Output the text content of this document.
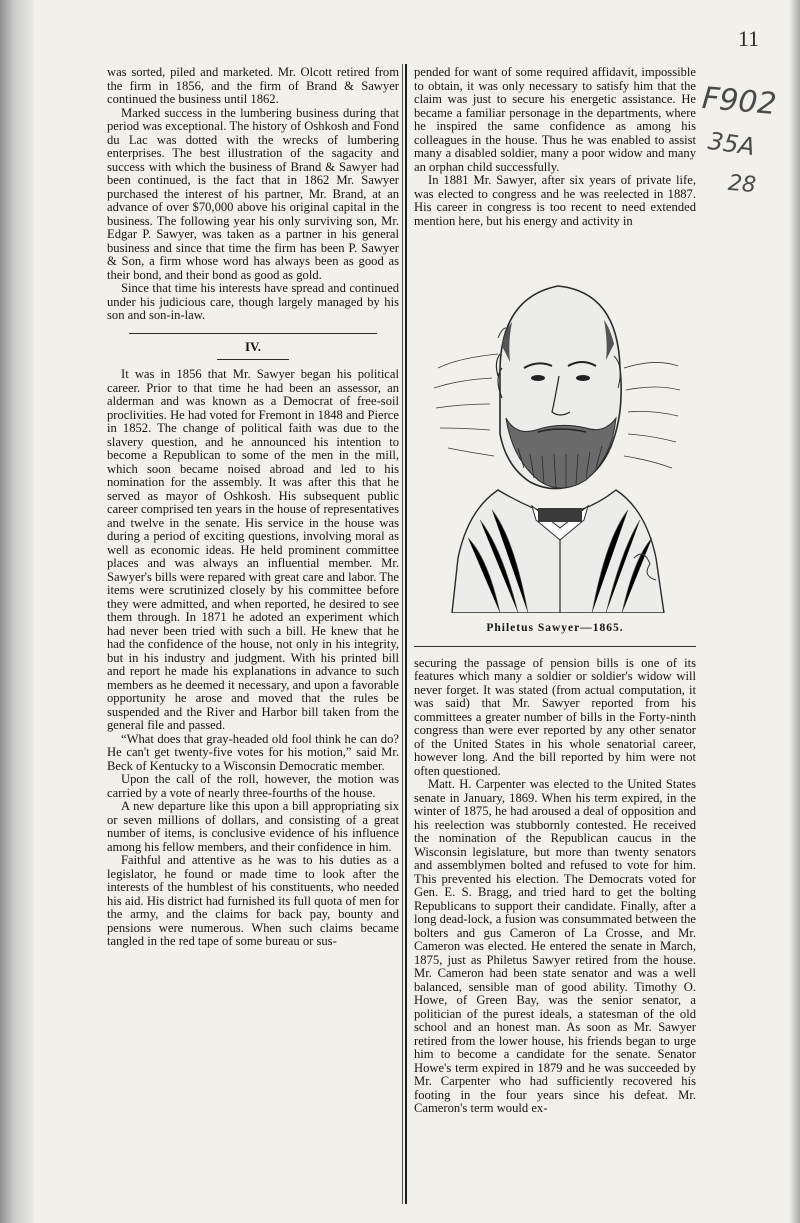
11
F902
35A
28

was sorted, piled and marketed. Mr. Olcott retired from the firm in 1856, and the firm of Brand & Sawyer continued the business until 1862.

Marked success in the lumbering business during that period was exceptional. The history of Oshkosh and Fond du Lac was dotted with the wrecks of lumbering enterprises. The best illustration of the sagacity and success with which the business of Brand & Sawyer had been continued, is the fact that in 1862 Mr. Sawyer purchased the interest of his partner, Mr. Brand, at an advance of over $70,000 above his original capital in the business. The following year his only surviving son, Mr. Edgar P. Sawyer, was taken as a partner in his general business and since that time the firm has been P. Sawyer & Son, a firm whose word has always been as good as their bond, and their bond as good as gold.

Since that time his interests have spread and continued under his judicious care, though largely managed by his son and son-in-law.

IV.

It was in 1856 that Mr. Sawyer began his political career. Prior to that time he had been an assessor, an alderman and was known as a Democrat of free-soil proclivities. He had voted for Fremont in 1848 and Pierce in 1852. The change of political faith was due to the slavery question, and he announced his intention to become a Republican to some of the men in the mill, which soon became noised abroad and led to his nomination for the assembly. It was after this that he served as mayor of Oshkosh. His subsequent public career comprised ten years in the house of representatives and twelve in the senate. His service in the house was during a period of exciting questions, involving moral as well as economic ideas. He held prominent committee places and was always an influential member. Mr. Sawyer's bills were repared with great care and labor. The items were scrutinized closely by his committee before they were admitted, and when reported, he desired to see them through. In 1871 he adoted an experiment which had never been tried with such a bill. He knew that he had the confidence of the house, not only in his integrity, but in his industry and judgment. With his printed bill and report he made his explanations in advance to such members as he deemed it necessary, and upon a favorable opportunity he arose and moved that the rules be suspended and the River and Harbor bill taken from the general file and passed.

“What does that gray-headed old fool think he can do? He can't get twenty-five votes for his motion,” said Mr. Beck of Kentucky to a Wisconsin Democratic member.

Upon the call of the roll, however, the motion was carried by a vote of nearly three-fourths of the house.

A new departure like this upon a bill appropriating six or seven millions of dollars, and consisting of a great number of items, is conclusive evidence of his influence among his fellow members, and their confidence in him.

Faithful and attentive as he was to his duties as a legislator, he found or made time to look after the interests of the humblest of his constituents, who needed his aid. His district had furnished its full quota of men for the army, and the claims for back pay, bounty and pensions were numerous. When such claims became tangled in the red tape of some bureau or sus-

pended for want of some required affidavit, impossible to obtain, it was only necessary to satisfy him that the claim was just to secure his energetic assistance. He became a familiar personage in the departments, where he inspired the same confidence as among his colleagues in the house. Thus he was enabled to assist many a disabled soldier, many a poor widow and many an orphan child successfully.

In 1881 Mr. Sawyer, after six years of private life, was elected to congress and he was reelected in 1887. His career in congress is too recent to need extended mention here, but his energy and activity in

Philetus Sawyer—1865.

securing the passage of pension bills is one of its features which many a soldier or soldier's widow will never forget. It was stated (from actual computation, it was said) that Mr. Sawyer reported from his committees a greater number of bills in the Forty-ninth congress than were ever reported by any other senator of the United States in his whole senatorial career, however long. And the bill reported by him were not often questioned.

Matt. H. Carpenter was elected to the United States senate in January, 1869. When his term expired, in the winter of 1875, he had aroused a deal of opposition and his reelection was stubbornly contested. He received the nomination of the Republican caucus in the Wisconsin legislature, but more than twenty senators and assemblymen bolted and refused to vote for him. This prevented his election. The Democrats voted for Gen. E. S. Bragg, and tried hard to get the bolting Republicans to support their candidate. Finally, after a long dead-lock, a fusion was consummated between the bolters and gus Cameron of La Crosse, and Mr. Cameron was elected. He entered the senate in March, 1875, just as Philetus Sawyer retired from the house. Mr. Cameron had been state senator and was a well balanced, sensible man of good ability. Timothy O. Howe, of Green Bay, was the senior senator, a politician of the purest ideals, a statesman of the old school and an honest man. As soon as Mr. Sawyer retired from the lower house, his friends began to urge him to become a candidate for the senate. Senator Howe's term expired in 1879 and he was succeeded by Mr. Carpenter who had sufficiently recovered his footing in the four years since his defeat. Mr. Cameron's term would ex-
